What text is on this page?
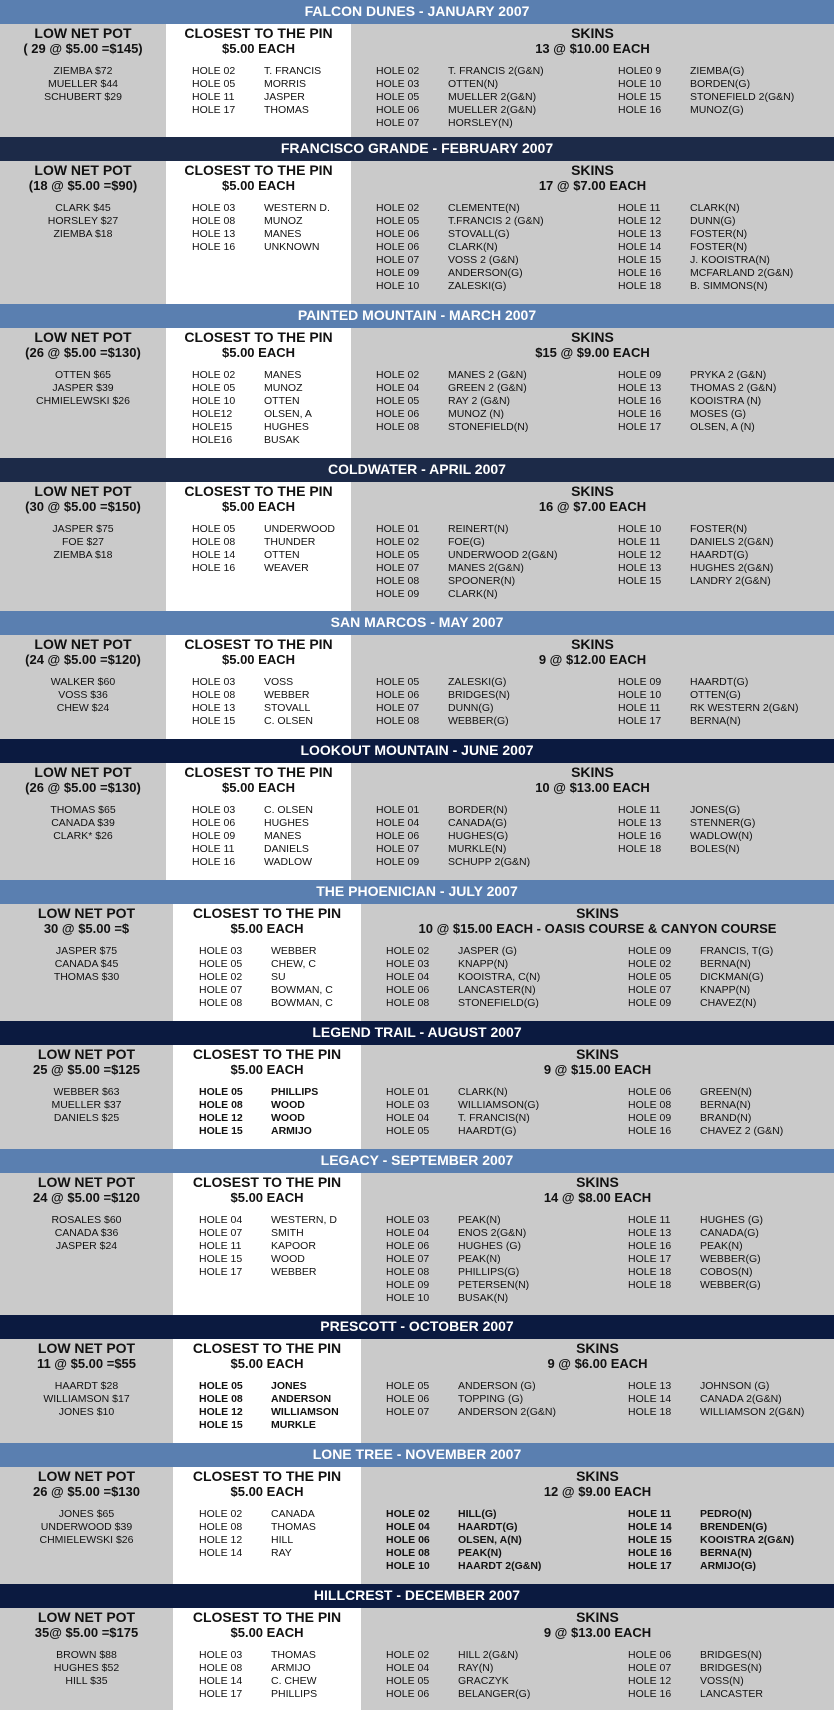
FALCON DUNES - JANUARY 2007
LOW NET POT
( 29 @ $5.00 =$145)
ZIEMBA $72
MUELLER $44
SCHUBERT $29
CLOSEST TO THE PIN
$5.00 EACH
HOLE 02	T. FRANCIS
HOLE 05	MORRIS
HOLE 11	JASPER
HOLE 17	THOMAS
SKINS
13 @ $10.00 EACH
HOLE 02	T. FRANCIS 2(G&N)
HOLE 03	OTTEN(N)
HOLE 05	MUELLER 2(G&N)
HOLE 06	MUELLER 2(G&N)
HOLE 07	HORSLEY(N)
HOLE0 9	ZIEMBA(G)
HOLE 10	BORDEN(G)
HOLE 15	STONEFIELD 2(G&N)
HOLE 16	MUNOZ(G)
FRANCISCO GRANDE - FEBRUARY 2007
LOW NET POT
(18 @ $5.00 =$90)
CLARK $45
HORSLEY $27
ZIEMBA $18
CLOSEST TO THE PIN
$5.00 EACH
HOLE 03	WESTERN D.
HOLE 08	MUNOZ
HOLE 13	MANES
HOLE 16	UNKNOWN
SKINS
17 @ $7.00 EACH
HOLE 02	CLEMENTE(N)
HOLE 05	T.FRANCIS 2 (G&N)
HOLE 06	STOVALL(G)
HOLE 06	CLARK(N)
HOLE 07	VOSS 2 (G&N)
HOLE 09	ANDERSON(G)
HOLE 10	ZALESKI(G)
HOLE 11	CLARK(N)
HOLE 12	DUNN(G)
HOLE 13	FOSTER(N)
HOLE 14	FOSTER(N)
HOLE 15	J. KOOISTRA(N)
HOLE 16	MCFARLAND 2(G&N)
HOLE 18	B. SIMMONS(N)
PAINTED MOUNTAIN - MARCH 2007
LOW NET POT
(26 @ $5.00 =$130)
OTTEN $65
JASPER $39
CHMIELEWSKI $26
CLOSEST TO THE PIN
$5.00 EACH
HOLE 02	MANES
HOLE 05	MUNOZ
HOLE 10	OTTEN
HOLE12	OLSEN, A
HOLE15	HUGHES
HOLE16	BUSAK
SKINS
$15 @ $9.00 EACH
HOLE 02	MANES 2 (G&N)
HOLE 04	GREEN 2 (G&N)
HOLE 05	RAY 2 (G&N)
HOLE 06	MUNOZ (N)
HOLE 08	STONEFIELD(N)
HOLE 09	PRYKA 2 (G&N)
HOLE 13	THOMAS 2 (G&N)
HOLE 16	KOOISTRA (N)
HOLE 16	MOSES (G)
HOLE 17	OLSEN, A (N)
COLDWATER - APRIL 2007
LOW NET POT
(30 @ $5.00 =$150)
JASPER $75
FOE $27
ZIEMBA $18
CLOSEST TO THE PIN
$5.00 EACH
HOLE 05	UNDERWOOD
HOLE 08	THUNDER
HOLE 14	OTTEN
HOLE 16	WEAVER
SKINS
16 @ $7.00 EACH
HOLE 01	REINERT(N)
HOLE 02	FOE(G)
HOLE 05	UNDERWOOD 2(G&N)
HOLE 07	MANES 2(G&N)
HOLE 08	SPOONER(N)
HOLE 09	CLARK(N)
HOLE 10	FOSTER(N)
HOLE 11	DANIELS 2(G&N)
HOLE 12	HAARDT(G)
HOLE 13	HUGHES 2(G&N)
HOLE 15	LANDRY 2(G&N)
SAN MARCOS - MAY 2007
LOW NET POT
(24 @ $5.00 =$120)
WALKER $60
VOSS $36
CHEW $24
CLOSEST TO THE PIN
$5.00 EACH
HOLE 03	VOSS
HOLE 08	WEBBER
HOLE 13	STOVALL
HOLE 15	C. OLSEN
SKINS
9 @ $12.00 EACH
HOLE 05	ZALESKI(G)
HOLE 06	BRIDGES(N)
HOLE 07	DUNN(G)
HOLE 08	WEBBER(G)
HOLE 09	HAARDT(G)
HOLE 10	OTTEN(G)
HOLE 11	RK WESTERN 2(G&N)
HOLE 17	BERNA(N)
LOOKOUT MOUNTAIN - JUNE 2007
LOW NET POT
(26 @ $5.00 =$130)
THOMAS $65
CANADA $39
CLARK* $26
CLOSEST TO THE PIN
$5.00 EACH
HOLE 03	C. OLSEN
HOLE 06	HUGHES
HOLE 09	MANES
HOLE 11	DANIELS
HOLE 16	WADLOW
SKINS
10 @ $13.00 EACH
HOLE 01	BORDER(N)
HOLE 04	CANADA(G)
HOLE 06	HUGHES(G)
HOLE 07	MURKLE(N)
HOLE 09	SCHUPP 2(G&N)
HOLE 11	JONES(G)
HOLE 13	STENNER(G)
HOLE 16	WADLOW(N)
HOLE 18	BOLES(N)
THE PHOENICIAN - JULY 2007
LOW NET POT
30 @ $5.00 =$
JASPER $75
CANADA $45
THOMAS $30
CLOSEST TO THE PIN
$5.00 EACH
HOLE 03	WEBBER
HOLE 05	CHEW, C
HOLE 02	SU
HOLE 07	BOWMAN, C
HOLE 08	BOWMAN, C
SKINS
10 @ $15.00 EACH - OASIS COURSE & CANYON COURSE
HOLE 02	JASPER (G)
HOLE 03	KNAPP(N)
HOLE 04	KOOISTRA, C(N)
HOLE 06	LANCASTER(N)
HOLE 08	STONEFIELD(G)
HOLE 09	FRANCIS, T(G)
HOLE 02	BERNA(N)
HOLE 05	DICKMAN(G)
HOLE 07	KNAPP(N)
HOLE 09	CHAVEZ(N)
LEGEND TRAIL - AUGUST 2007
LOW NET POT
25 @ $5.00 =$125
WEBBER $63
MUELLER $37
DANIELS $25
CLOSEST TO THE PIN
$5.00 EACH
HOLE 05	PHILLIPS
HOLE 08	WOOD
HOLE 12	WOOD
HOLE 15	ARMIJO
SKINS
9 @ $15.00 EACH
HOLE 01	CLARK(N)
HOLE 03	WILLIAMSON(G)
HOLE 04	T. FRANCIS(N)
HOLE 05	HAARDT(G)
HOLE 06	GREEN(N)
HOLE 08	BERNA(N)
HOLE 09	BRAND(N)
HOLE 16	CHAVEZ 2 (G&N)
LEGACY - SEPTEMBER 2007
LOW NET POT
24 @ $5.00 =$120
ROSALES $60
CANADA $36
JASPER $24
CLOSEST TO THE PIN
$5.00 EACH
HOLE 04	WESTERN, D
HOLE 07	SMITH
HOLE 11	KAPOOR
HOLE 15	WOOD
HOLE 17	WEBBER
SKINS
14 @ $8.00 EACH
HOLE 03	PEAK(N)
HOLE 04	ENOS 2(G&N)
HOLE 06	HUGHES (G)
HOLE 07	PEAK(N)
HOLE 08	PHILLIPS(G)
HOLE 09	PETERSEN(N)
HOLE 10	BUSAK(N)
HOLE 11	HUGHES (G)
HOLE 13	CANADA(G)
HOLE 16	PEAK(N)
HOLE 17	WEBBER(G)
HOLE 18	COBOS(N)
HOLE 18	WEBBER(G)
PRESCOTT - OCTOBER 2007
LOW NET POT
11 @ $5.00 =$55
HAARDT $28
WILLIAMSON $17
JONES $10
CLOSEST TO THE PIN
$5.00 EACH
HOLE 05	JONES
HOLE 08	ANDERSON
HOLE 12	WILLIAMSON
HOLE 15	MURKLE
SKINS
9 @ $6.00 EACH
HOLE 05	ANDERSON (G)
HOLE 06	TOPPING (G)
HOLE 07	ANDERSON 2(G&N)
HOLE 13	JOHNSON (G)
HOLE 14	CANADA 2(G&N)
HOLE 18	WILLIAMSON 2(G&N)
LONE TREE - NOVEMBER 2007
LOW NET POT
26 @ $5.00 =$130
JONES $65
UNDERWOOD $39
CHMIELEWSKI $26
CLOSEST TO THE PIN
$5.00 EACH
HOLE 02	CANADA
HOLE 08	THOMAS
HOLE 12	HILL
HOLE 14	RAY
SKINS
12 @ $9.00 EACH
HOLE 02	HILL(G)
HOLE 04	HAARDT(G)
HOLE 06	OLSEN, A(N)
HOLE 08	PEAK(N)
HOLE 10	HAARDT 2(G&N)
HOLE 11	PEDRO(N)
HOLE 14	BRENDEN(G)
HOLE 15	KOOISTRA 2(G&N)
HOLE 16	BERNA(N)
HOLE 17	ARMIJO(G)
HILLCREST - DECEMBER 2007
LOW NET POT
35@ $5.00 =$175
BROWN $88
HUGHES $52
HILL $35
CLOSEST TO THE PIN
$5.00 EACH
HOLE 03	THOMAS
HOLE 08	ARMIJO
HOLE 14	C. CHEW
HOLE 17	PHILLIPS
SKINS
9 @ $13.00 EACH
HOLE 02	HILL 2(G&N)
HOLE 04	RAY(N)
HOLE 05	GRACZYK
HOLE 06	BELANGER(G)
HOLE 06	BRIDGES(N)
HOLE 07	BRIDGES(N)
HOLE 12	VOSS(N)
HOLE 16	LANCASTER
